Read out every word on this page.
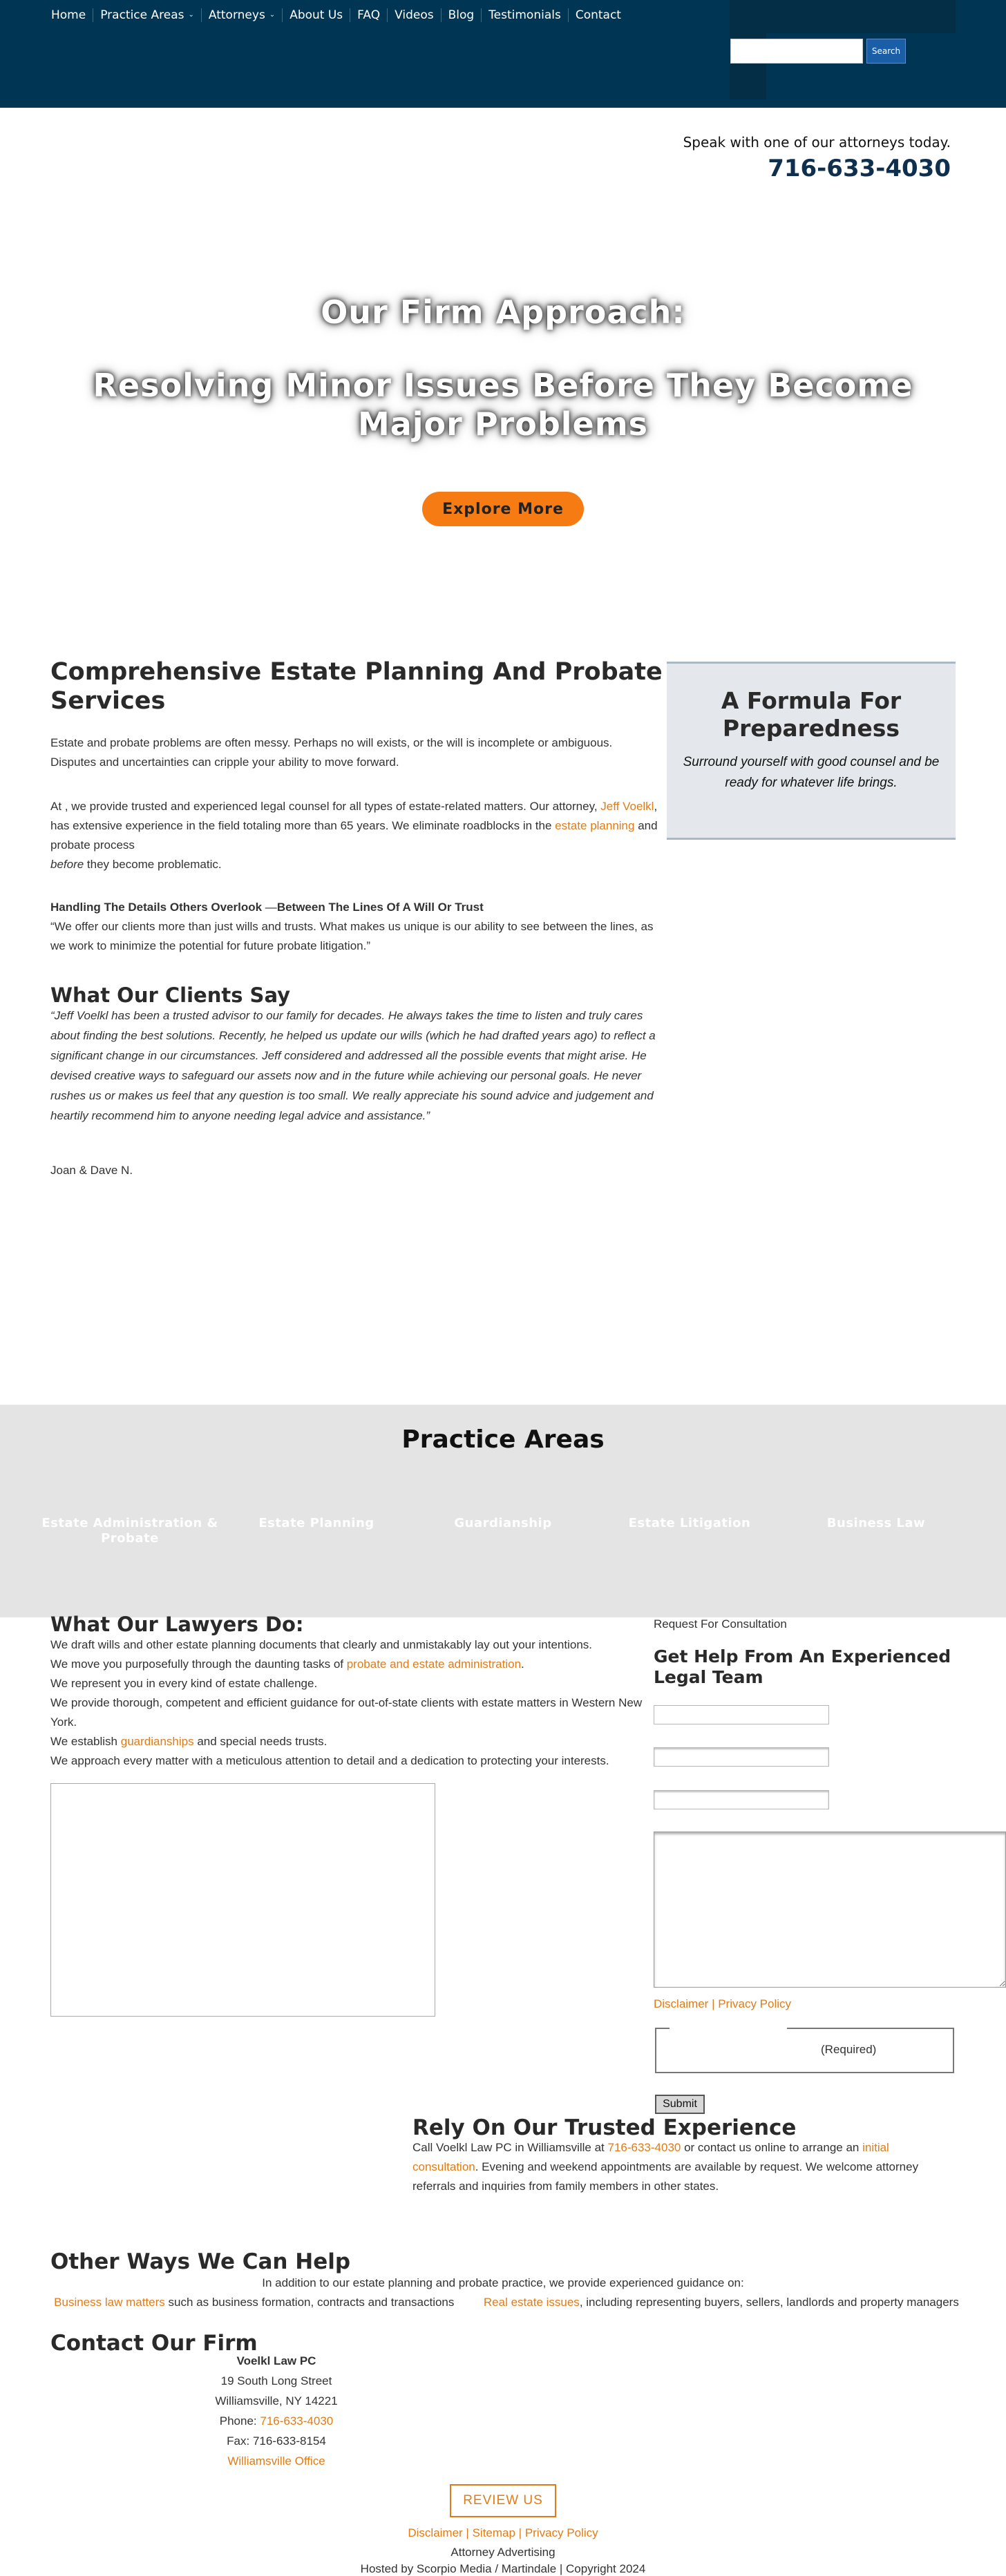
Home Practice Areas ⌄ Attorneys ⌄ About Us FAQ Videos Blog Testimonials Contact
Search
Speak with one of our attorneys today.
716-633-4030
Our Firm Approach:
Resolving Minor Issues Before They Become Major Problems
Explore More
Comprehensive Estate Planning And Probate Services

Estate and probate problems are often messy. Perhaps no will exists, or the will is incomplete or ambiguous. Disputes and uncertainties can cripple your ability to move forward.

At , we provide trusted and experienced legal counsel for all types of estate-related matters. Our attorney, Jeff Voelkl, has extensive experience in the field totaling more than 65 years. We eliminate roadblocks in the estate planning and probate process
before they become problematic.

Handling The Details Others Overlook —Between The Lines Of A Will Or Trust
“We offer our clients more than just wills and trusts. What makes us unique is our ability to see between the lines, as we work to minimize the potential for future probate litigation.”
What Our Clients Say

“Jeff Voelkl has been a trusted advisor to our family for decades. He always takes the time to listen and truly cares about finding the best solutions. Recently, he helped us update our wills (which he had drafted years ago) to reflect a significant change in our circumstances. Jeff considered and addressed all the possible events that might arise. He devised creative ways to safeguard our assets now and in the future while achieving our personal goals. He never rushes us or makes us feel that any question is too small. We really appreciate his sound advice and judgement and heartily recommend him to anyone needing legal advice and assistance.”

Joan & Dave N.

A Formula For Preparedness
Surround yourself with good counsel and be ready for whatever life brings.
Practice Areas
Estate Administration & Probate
Estate Planning	Guardianship	Estate Litigation	Business Law
What Our Lawyers Do:
We draft wills and other estate planning documents that clearly and unmistakably lay out your intentions.
We move you purposefully through the daunting tasks of probate and estate administration.
We represent you in every kind of estate challenge.
We provide thorough, competent and efficient guidance for out-of-state clients with estate matters in Western New York.
We establish guardianships and special needs trusts.
We approach every matter with a meticulous attention to detail and a dedication to protecting your interests.
Request For Consultation
Get Help From An Experienced Legal Team
Disclaimer | Privacy Policy
(Required)
Submit
Rely On Our Trusted Experience

Call Voelkl Law PC in Williamsville at 716-633-4030 or contact us online to arrange an initial consultation. Evening and weekend appointments are available by request. We welcome attorney referrals and inquiries from family members in other states.

Other Ways We Can Help
In addition to our estate planning and probate practice, we provide experienced guidance on:
Business law matters such as business formation, contracts and transactions	Real estate issues, including representing buyers, sellers, landlords and property managers
Contact Our Firm
Voelkl Law PC
19 South Long Street
Williamsville, NY 14221
Phone: 716-633-4030
Fax: 716-633-8154
Williamsville Office
REVIEW US
Disclaimer | Sitemap | Privacy Policy
Attorney Advertising
Hosted by Scorpio Media / Martindale | Copyright 2024
